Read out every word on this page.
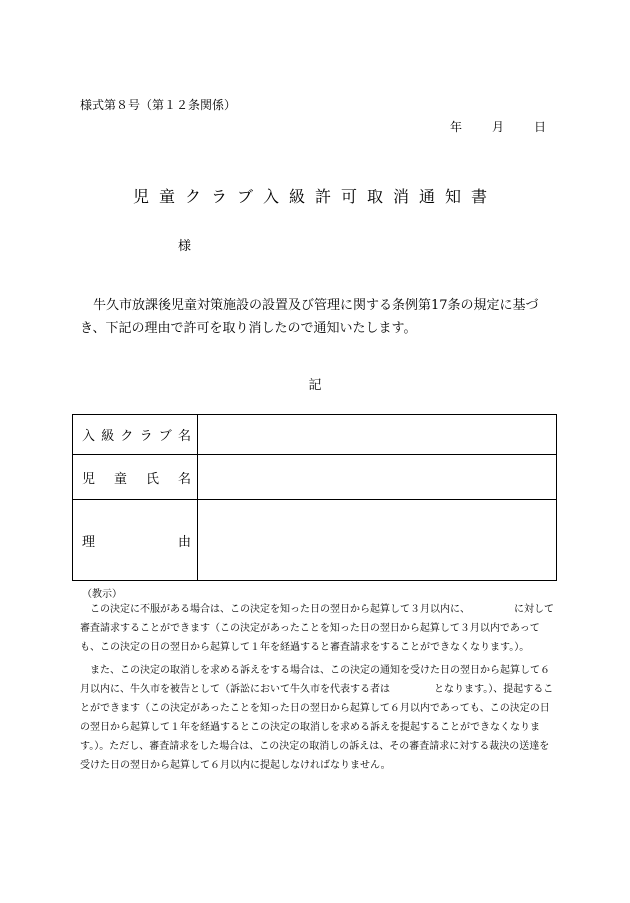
様式第８号（第１２条関係）
年	月	日
児童クラブ入級許可取消通知書
様
牛久市放課後児童対策施設の設置及び管理に関する条例第17条の規定に基づき、下記の理由で許可を取り消したので通知いたします。
記
入級クラブ名	
児童氏名	
理由	
（教示）
この決定に不服がある場合は、この決定を知った日の翌日から起算して３月以内に、	に対して審査請求することができます（この決定があったことを知った日の翌日から起算して３月以内であっても、この決定の日の翌日から起算して１年を経過すると審査請求をすることができなくなります。）。
また、この決定の取消しを求める訴えをする場合は、この決定の通知を受けた日の翌日から起算して６月以内に、牛久市を被告として（訴訟において牛久市を代表する者は	となります。）、提起することができます（この決定があったことを知った日の翌日から起算して６月以内であっても、この決定の日の翌日から起算して１年を経過するとこの決定の取消しを求める訴えを提起することができなくなります。）。ただし、審査請求をした場合は、この決定の取消しの訴えは、その審査請求に対する裁決の送達を受けた日の翌日から起算して６月以内に提起しなければなりません。
